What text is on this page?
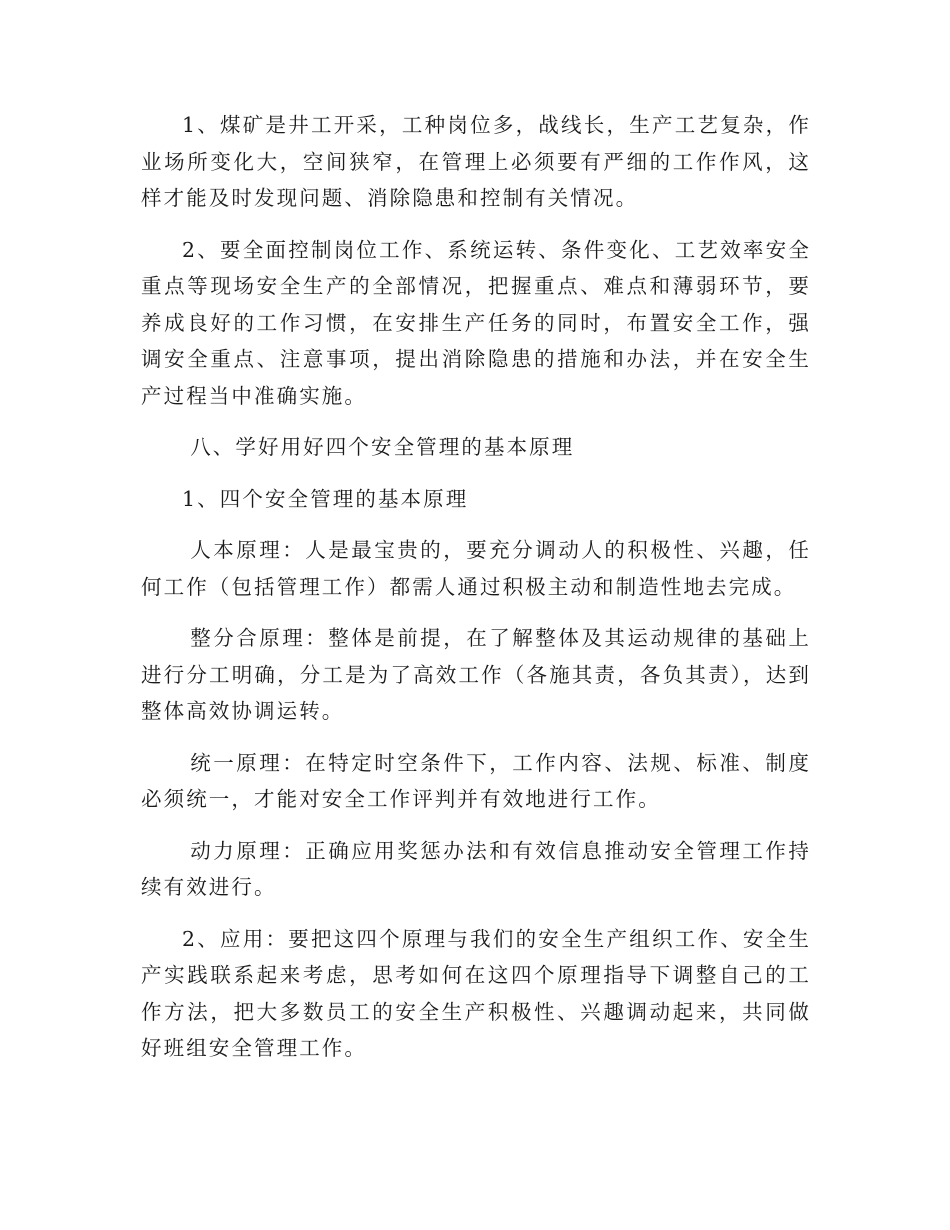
1、煤矿是井工开采，工种岗位多，战线长，生产工艺复杂，作业场所变化大，空间狭窄，在管理上必须要有严细的工作作风，这样才能及时发现问题、消除隐患和控制有关情况。

2、要全面控制岗位工作、系统运转、条件变化、工艺效率安全重点等现场安全生产的全部情况，把握重点、难点和薄弱环节，要养成良好的工作习惯，在安排生产任务的同时，布置安全工作，强调安全重点、注意事项，提出消除隐患的措施和办法，并在安全生产过程当中准确实施。

八、学好用好四个安全管理的基本原理

1、四个安全管理的基本原理

人本原理：人是最宝贵的，要充分调动人的积极性、兴趣，任何工作（包括管理工作）都需人通过积极主动和制造性地去完成。

整分合原理：整体是前提，在了解整体及其运动规律的基础上进行分工明确，分工是为了高效工作（各施其责，各负其责），达到整体高效协调运转。

统一原理：在特定时空条件下，工作内容、法规、标准、制度必须统一，才能对安全工作评判并有效地进行工作。

动力原理：正确应用奖惩办法和有效信息推动安全管理工作持续有效进行。

2、应用：要把这四个原理与我们的安全生产组织工作、安全生产实践联系起来考虑，思考如何在这四个原理指导下调整自己的工作方法，把大多数员工的安全生产积极性、兴趣调动起来，共同做好班组安全管理工作。
